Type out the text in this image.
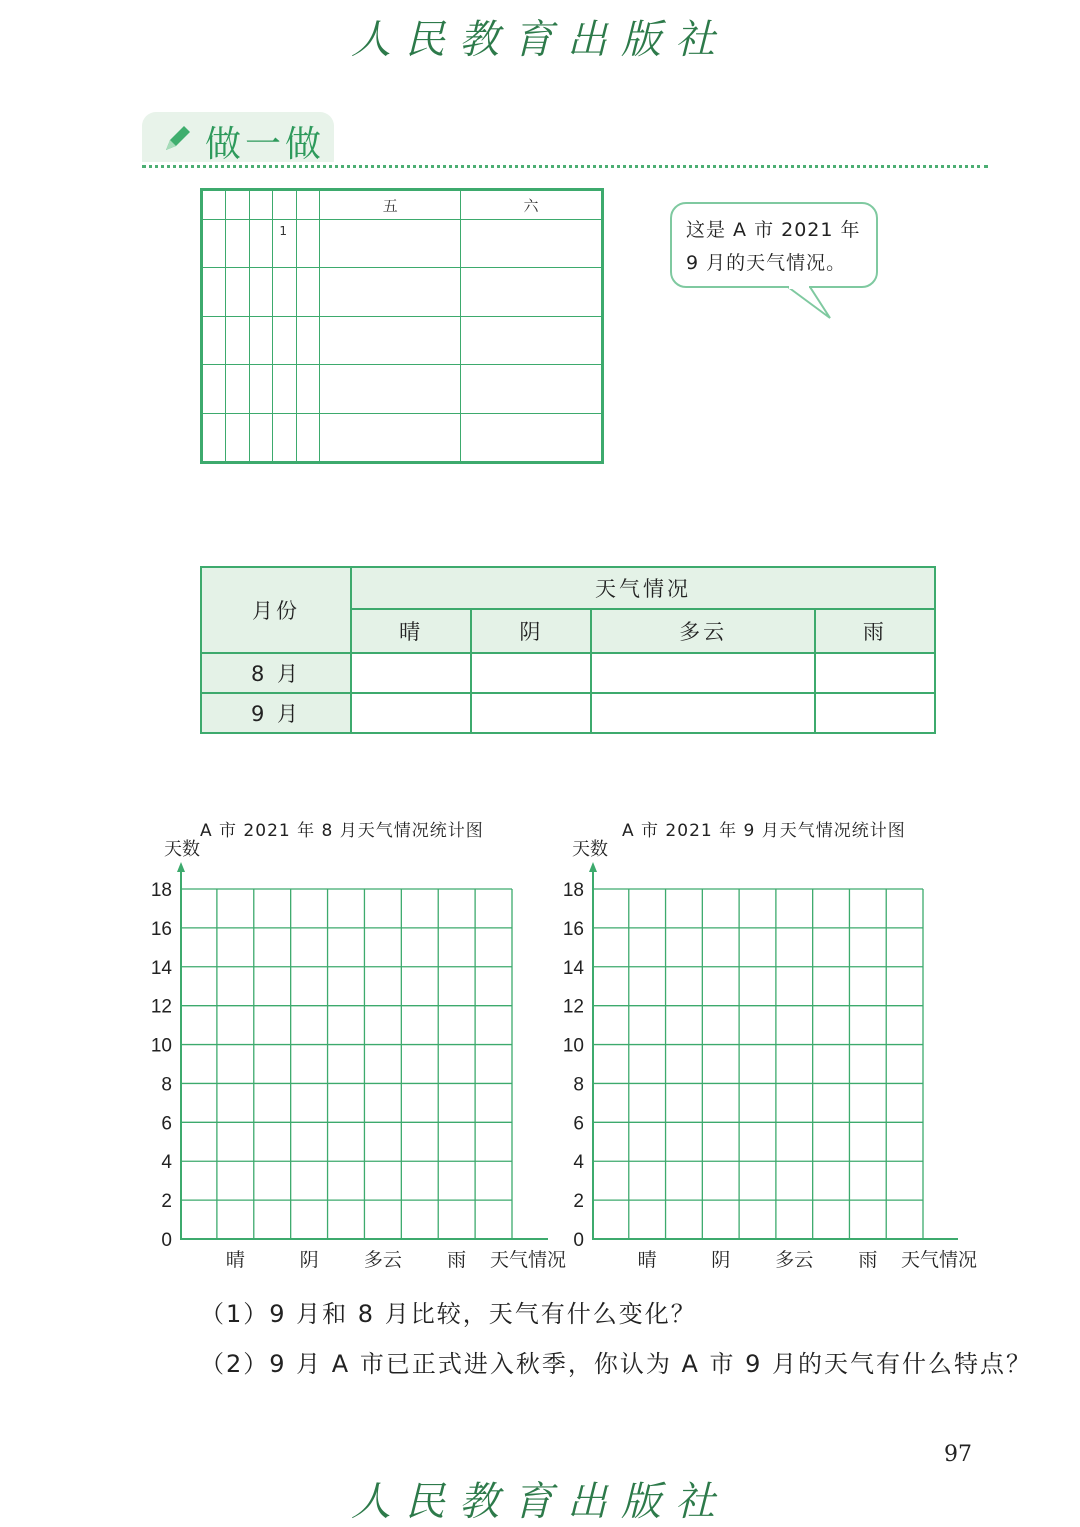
人民教育出版社
做一做
					五	六

			1			

							这是 A 市 2021 年
9 月的天气情况。
月份	天气情况			
	晴	阴	多云	雨
8 月				
9 月				
A 市 2021 年 8 月天气情况统计图	A 市 2021 年 9 月天气情况统计图
0
2
4
6
8
10
12
14
16
18
天数
晴	阴 多云 雨 天气情况
0
2
4
6
8
10
12
14
16
18
天数
晴	阴 多云 雨 天气情况
（1）9 月和 8 月比较，天气有什么变化？
（2）9 月 A 市已正式进入秋季，你认为 A 市 9 月的天气有什么特点？
97
人民教育出版社
